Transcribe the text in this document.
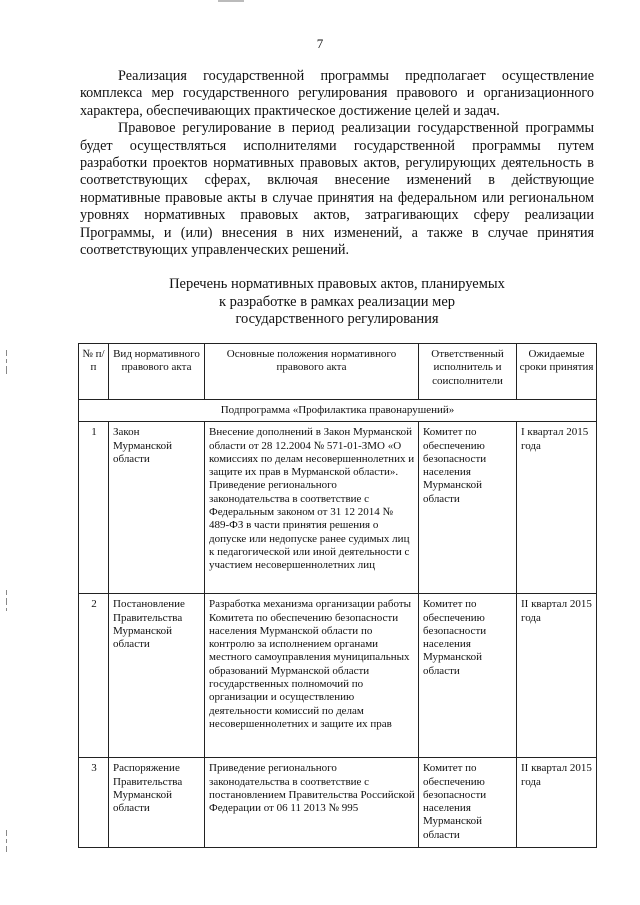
7

Реализация государственной программы предполагает осуществление комплекса мер государственного регулирования правового и организационного характера, обеспечивающих практическое достижение целей и задач.

Правовое регулирование в период реализации государственной программы будет осуществляться исполнителями государственной программы путем разработки проектов нормативных правовых актов, регулирующих деятельность в соответствующих сферах, включая внесение изменений в действующие нормативные правовые акты в случае принятия на федеральном или региональном уровнях нормативных правовых актов, затрагивающих сферу реализации Программы, и (или) внесения в них изменений, а также в случае принятия соответствующих управленческих решений.

Перечень нормативных правовых актов, планируемых
к разработке в рамках реализации мер
государственного регулирования
№ п/п	Вид нормативного правового акта	Основные положения нормативного правового акта	Ответственный исполнитель и соисполнители	Ожидаемые сроки принятия
Подпрограмма «Профилактика правонарушений»				
1	Закон Мурманской области	Внесение дополнений в Закон Мурманской области от 28 12.2004 № 571-01-ЗМО «О комиссиях по делам несовершеннолетних и защите их прав в Мурманской области». Приведение регионального законодательства в соответствие с Федеральным законом от 31 12 2014 № 489-ФЗ в части принятия решения о допуске или недопуске ранее судимых лиц к педагогической или иной деятельности с участием несовершеннолетних лиц	Комитет по обеспечению безопасности населения Мурманской области	I квартал 2015 года
2	Постановление Правительства Мурманской области	Разработка механизма организации работы Комитета по обеспечению безопасности населения Мурманской области по контролю за исполнением органами местного самоуправления муниципальных образований Мурманской области государственных полномочий по организации и осуществлению деятельности комиссий по делам несовершеннолетних и защите их прав	Комитет по обеспечению безопасности населения Мурманской области	II квартал 2015 года
3	Распоряжение Правительства Мурманской области	Приведение регионального законодательства в соответствие с постановлением Правительства Российской Федерации от 06 11 2013 № 995	Комитет по обеспечению безопасности населения Мурманской области	II квартал 2015 года
